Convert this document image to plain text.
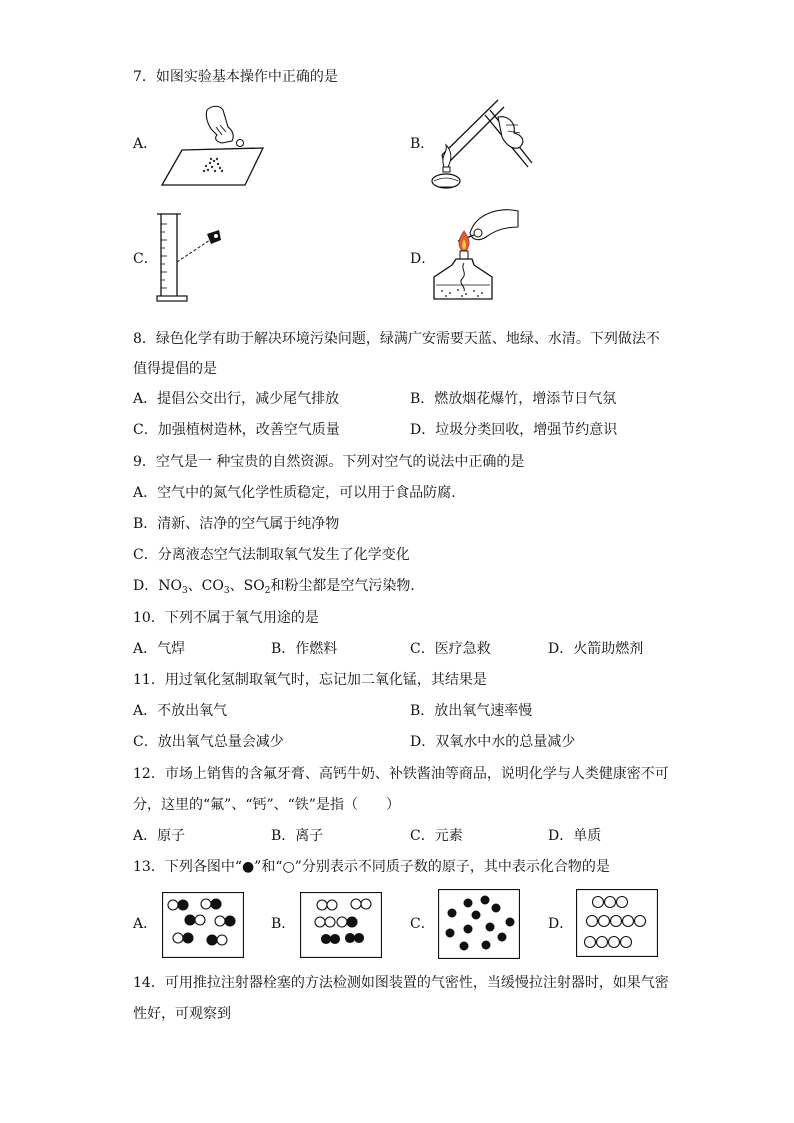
7．如图实验基本操作中正确的是
A．	B．
C．	D．
8．绿色化学有助于解决环境污染问题，绿满广安需要天蓝、地绿、水清。下列做法不
值得提倡的是
A．提倡公交出行，减少尾气排放	B．燃放烟花爆竹，增添节日气氛
C．加强植树造林，改善空气质量	D．垃圾分类回收，增强节约意识
9．空气是一 种宝贵的自然资源。下列对空气的说法中正确的是
A．空气中的氮气化学性质稳定，可以用于食品防腐.
B．清新、洁净的空气属于纯净物
C．分离液态空气法制取氧气发生了化学变化
D．$NO_3$、$CO_3$、$SO_2$和粉尘都是空气污染物.
10．下列不属于氧气用途的是
A．气焊	B．作燃料	C．医疗急救	D．火箭助燃剂
11．用过氧化氢制取氧气时，忘记加二氧化锰，其结果是
A．不放出氧气	B．放出氧气速率慢
C．放出氧气总量会减少	D．双氧水中水的总量减少
12．市场上销售的含氟牙膏、高钙牛奶、补铁酱油等商品，说明化学与人类健康密不可
分，这里的“氟”、“钙”、“铁”是指（　　）
A．原子	B．离子	C．元素	D．单质
13．下列各图中“●”和“○”分别表示不同质子数的原子，其中表示化合物的是
A．	B．	C．	D．
14．可用推拉注射器栓塞的方法检测如图装置的气密性，当缓慢拉注射器时，如果气密
性好，可观察到
